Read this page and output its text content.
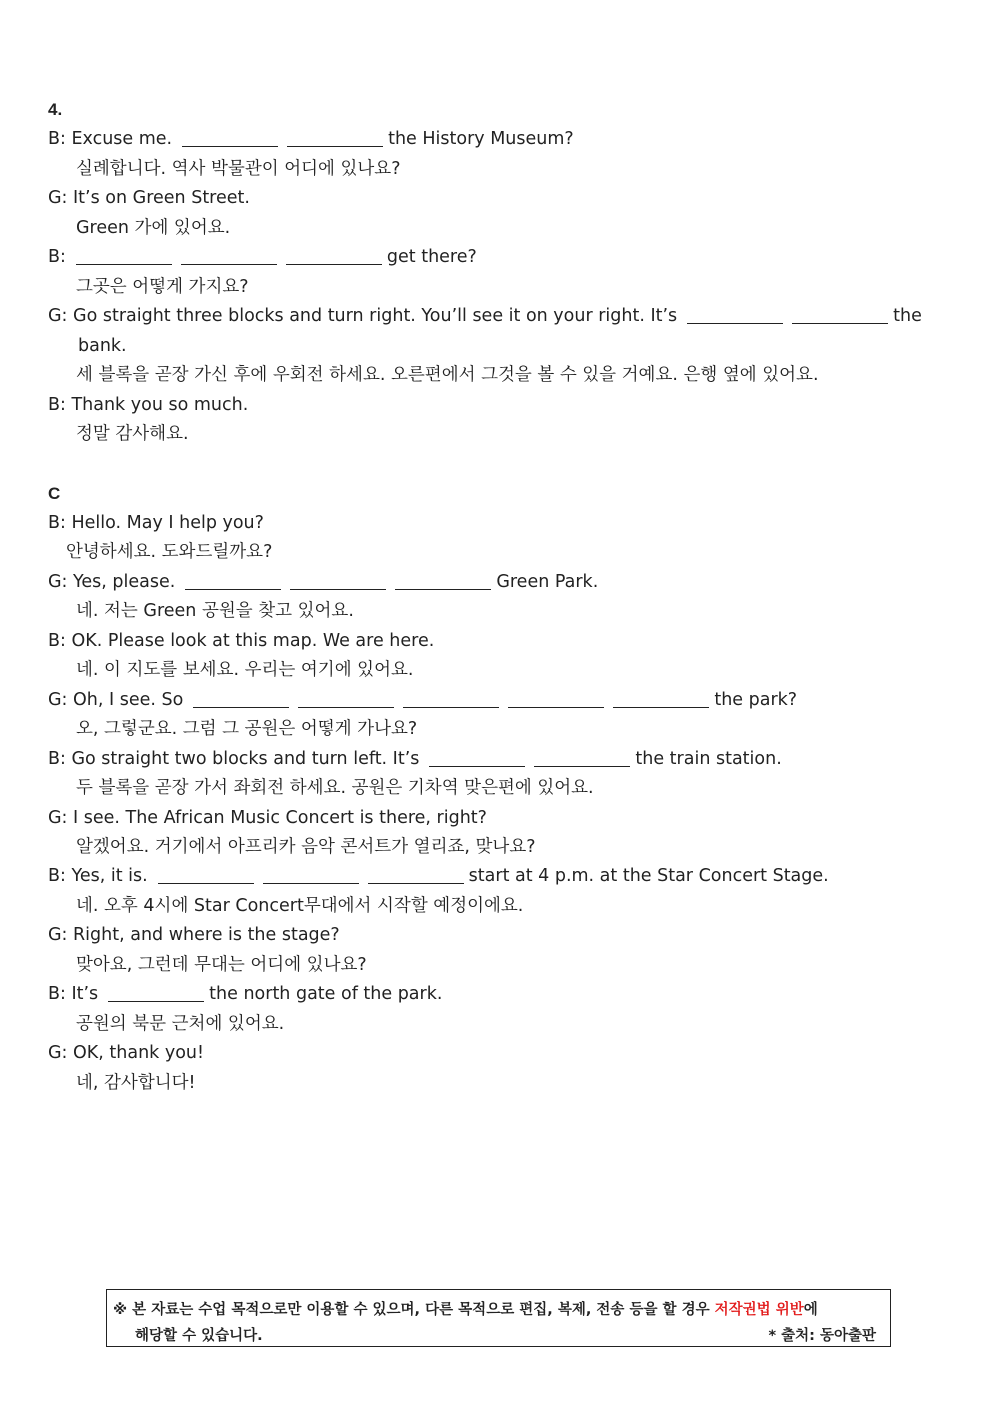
4.
B: Excuse me.	the History Museum?
실례합니다. 역사 박물관이 어디에 있나요?
G: It’s on Green Street.
Green 가에 있어요.
B:	get there?
그곳은 어떻게 가지요?
G: Go straight three blocks and turn right. You’ll see it on your right. It’s	the
bank.
세 블록을 곧장 가신 후에 우회전 하세요. 오른편에서 그것을 볼 수 있을 거예요. 은행 옆에 있어요.
B: Thank you so much.
정말 감사해요.
C
B: Hello. May I help you?
안녕하세요. 도와드릴까요?
G: Yes, please.	Green Park.
네. 저는 Green 공원을 찾고 있어요.
B: OK. Please look at this map. We are here.
네. 이 지도를 보세요. 우리는 여기에 있어요.
G: Oh, I see. So	the park?
오, 그렇군요. 그럼 그 공원은 어떻게 가나요?
B: Go straight two blocks and turn left. It’s	the train station.
두 블록을 곧장 가서 좌회전 하세요. 공원은 기차역 맞은편에 있어요.
G: I see. The African Music Concert is there, right?
알겠어요. 거기에서 아프리카 음악 콘서트가 열리죠, 맞나요?
B: Yes, it is.	start at 4 p.m. at the Star Concert Stage.
네. 오후 4시에 Star Concert무대에서 시작할 예정이에요.
G: Right, and where is the stage?
맞아요, 그런데 무대는 어디에 있나요?
B: It’s	the north gate of the park.
공원의 북문 근처에 있어요.
G: OK, thank you!
네, 감사합니다!
※ 본 자료는 수업 목적으로만 이용할 수 있으며, 다른 목적으로 편집, 복제, 전송 등을 할 경우 저작권법 위반에
해당할 수 있습니다.	* 출처: 동아출판
